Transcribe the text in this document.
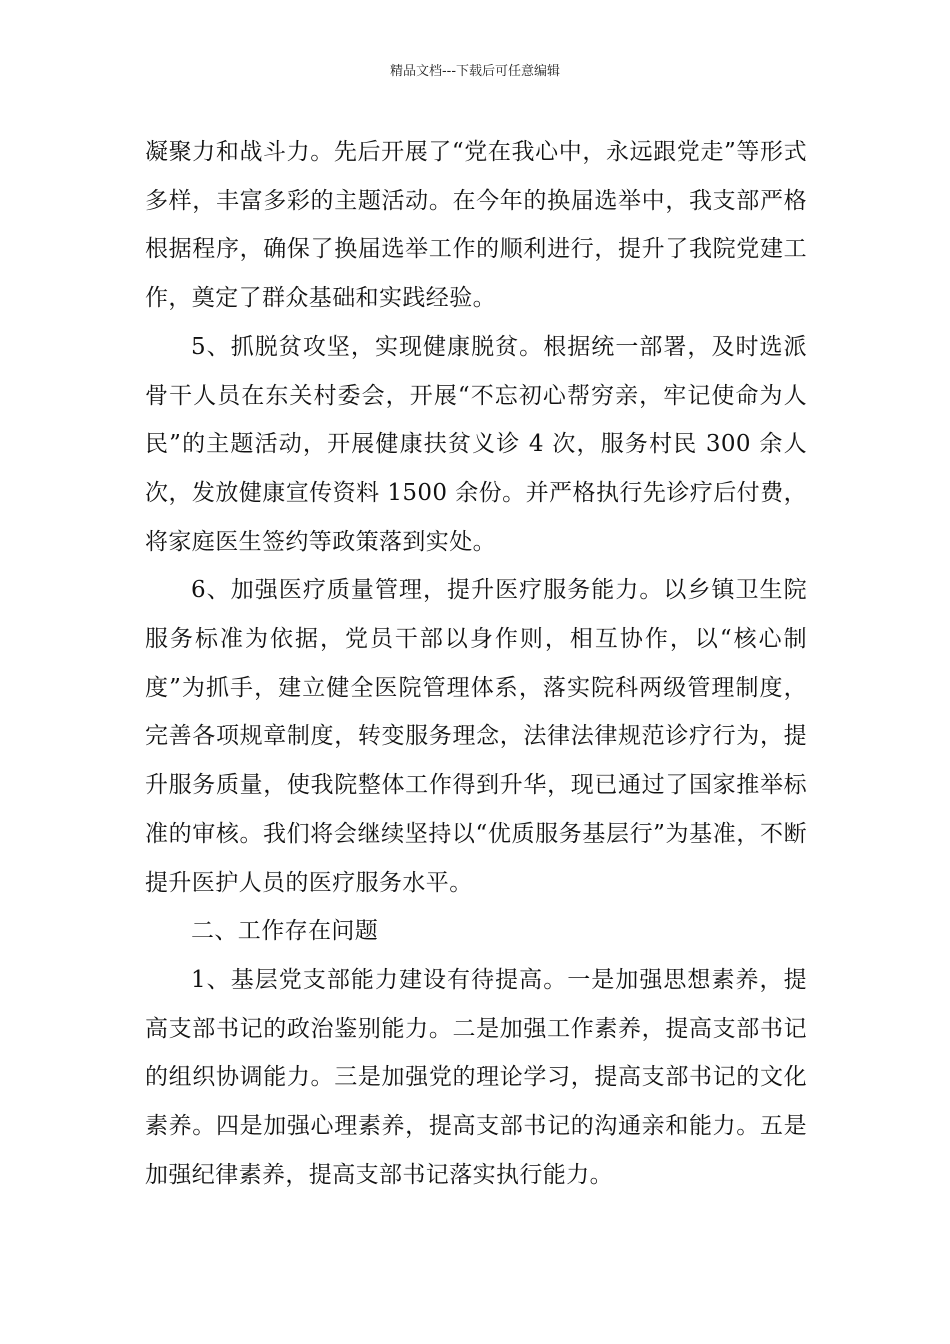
精品文档---下载后可任意编辑

凝聚力和战斗力。先后开展了“党在我心中，永远跟党走”等形式多样，丰富多彩的主题活动。在今年的换届选举中，我支部严格根据程序，确保了换届选举工作的顺利进行，提升了我院党建工作，奠定了群众基础和实践经验。

5、抓脱贫攻坚，实现健康脱贫。根据统一部署，及时选派骨干人员在东关村委会，开展“不忘初心帮穷亲，牢记使命为人民”的主题活动，开展健康扶贫义诊 4 次，服务村民 300 余人次，发放健康宣传资料 1500 余份。并严格执行先诊疗后付费，将家庭医生签约等政策落到实处。

6、加强医疗质量管理，提升医疗服务能力。以乡镇卫生院服务标准为依据，党员干部以身作则，相互协作，以“核心制度”为抓手，建立健全医院管理体系，落实院科两级管理制度，完善各项规章制度，转变服务理念，法律法律规范诊疗行为，提升服务质量，使我院整体工作得到升华，现已通过了国家推举标准的审核。我们将会继续坚持以“优质服务基层行”为基准，不断提升医护人员的医疗服务水平。

二、工作存在问题

1、基层党支部能力建设有待提高。一是加强思想素养，提高支部书记的政治鉴别能力。二是加强工作素养，提高支部书记的组织协调能力。三是加强党的理论学习，提高支部书记的文化素养。四是加强心理素养，提高支部书记的沟通亲和能力。五是加强纪律素养，提高支部书记落实执行能力。
